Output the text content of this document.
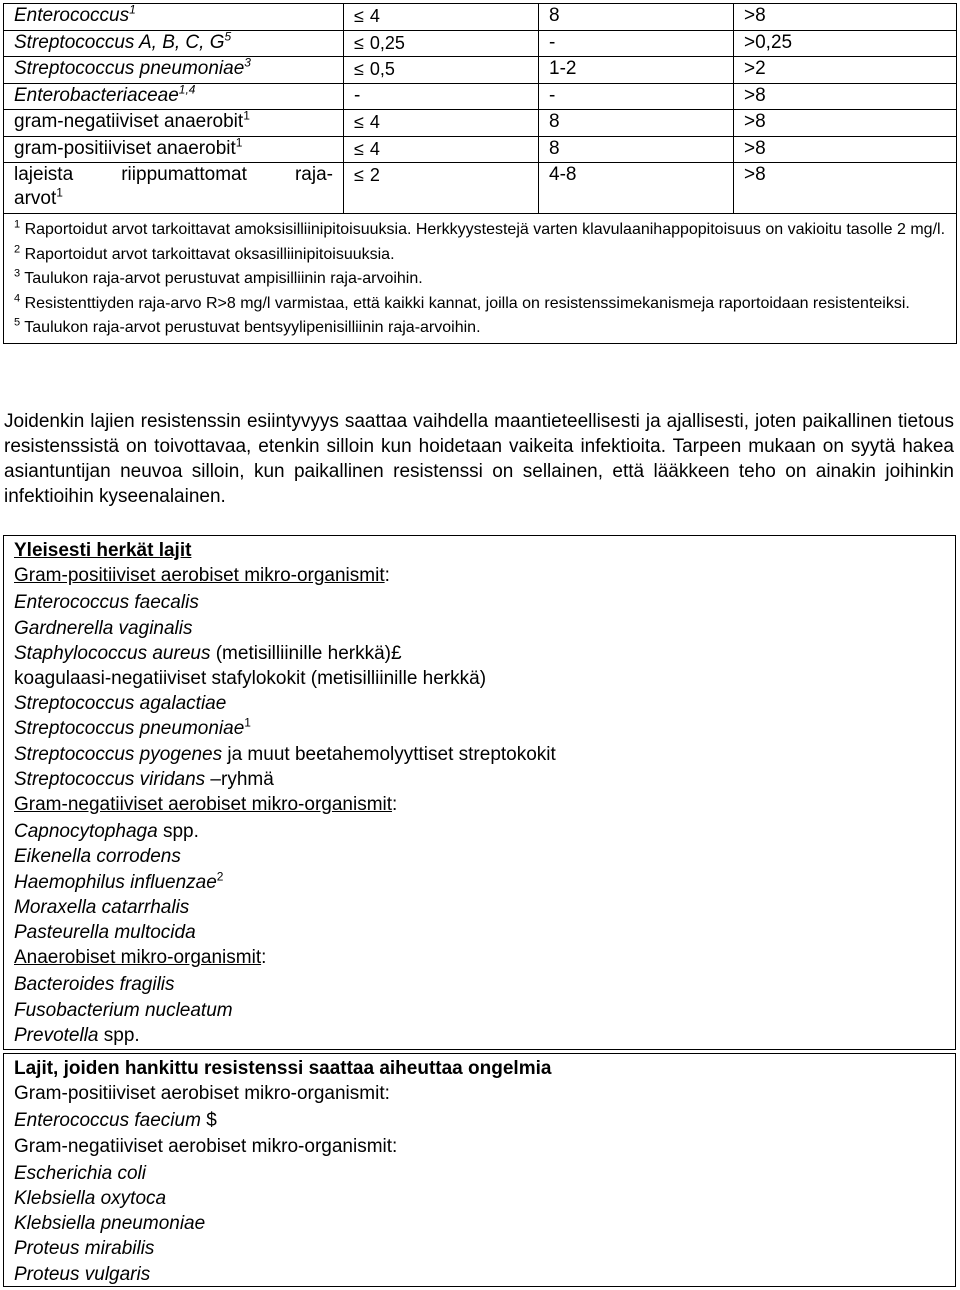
Enterococcus$^1$	≤ 4	8	>8
Streptococcus A, B, C, $G^5$	≤ 0,25	-	>0,25
Streptococcus pneumoniae$^3$	≤ 0,5	1-2	>2
Enterobacteriaceae$^{1,4}$	-	-	>8
gram-negatiiviset anaerobit$^1$	≤ 4	8	>8
gram-positiiviset anaerobit$^1$	≤ 4	8	>8

lajeista riippumattomat raja-
arvot$^1$	≤ 2	4-8	>8

$^1$ Raportoidut arvot tarkoittavat amoksisilliinipitoisuuksia. Herkkyystestejä varten klavulaanihappopitoisuus on vakioitu tasolle 2 mg/l.
$^2$ Raportoidut arvot tarkoittavat oksasilliinipitoisuuksia.
$^3$ Taulukon raja-arvot perustuvat ampisilliinin raja-arvoihin.
$^4$ Resistenttiyden raja-arvo R>8 mg/l varmistaa, että kaikki kannat, joilla on resistenssimekanismeja raportoidaan resistenteiksi.
$^5$ Taulukon raja-arvot perustuvat bentsyylipenisilliinin raja-arvoihin.			

Joidenkin lajien resistenssin esiintyvyys saattaa vaihdella maantieteellisesti ja ajallisesti, joten paikallinen tietous resistenssistä on toivottavaa, etenkin silloin kun hoidetaan vaikeita infektioita. Tarpeen mukaan on syytä hakea asiantuntijan neuvoa silloin, kun paikallinen resistenssi on sellainen, että lääkkeen teho on ainakin joihinkin infektioihin kyseenalainen.

Yleisesti herkät lajit
Gram-positiiviset aerobiset mikro-organismit:
Enterococcus faecalis
Gardnerella vaginalis
Staphylococcus aureus (metisilliinille herkkä)£
koagulaasi-negatiiviset stafylokokit (metisilliinille herkkä)
Streptococcus agalactiae
Streptococcus pneumoniae$^1$
Streptococcus pyogenes ja muut beetahemolyyttiset streptokokit
Streptococcus viridans –ryhmä
Gram-negatiiviset aerobiset mikro-organismit:
Capnocytophaga spp.
Eikenella corrodens
Haemophilus influenzae$^2$
Moraxella catarrhalis
Pasteurella multocida
Anaerobiset mikro-organismit:
Bacteroides fragilis
Fusobacterium nucleatum
Prevotella spp.
Lajit, joiden hankittu resistenssi saattaa aiheuttaa ongelmia
Gram-positiiviset aerobiset mikro-organismit:
Enterococcus faecium $
Gram-negatiiviset aerobiset mikro-organismit:
Escherichia coli
Klebsiella oxytoca
Klebsiella pneumoniae
Proteus mirabilis
Proteus vulgaris
